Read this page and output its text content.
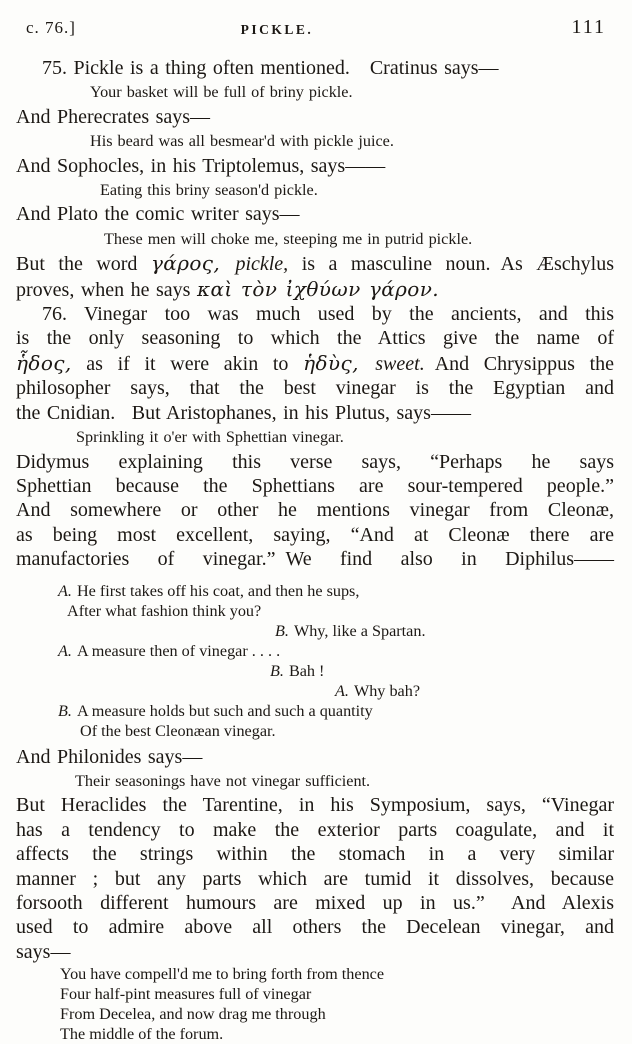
c. 76.]	PICKLE.	111
75. Pickle is a thing often mentioned.  Cratinus says—
Your basket will be full of briny pickle.
And Pherecrates says—
His beard was all besmear'd with pickle juice.
And Sophocles, in his Triptolemus, says——
Eating this briny season'd pickle.
And Plato the comic writer says—
These men will choke me, steeping me in putrid pickle.
But the word γάρος, pickle, is a masculine noun. As Æschylus
proves, when he says καὶ τὸν ἰχθύων γάρον.
76. Vinegar too was much used by the ancients, and this
is the only seasoning to which the Attics give the name of
ἧδος, as if it were akin to ἡδὺς, sweet. And Chrysippus the
philosopher says, that the best vinegar is the Egyptian and
the Cnidian.  But Aristophanes, in his Plutus, says——
Sprinkling it o'er with Sphettian vinegar.
Didymus explaining this verse says, “Perhaps he says
Sphettian because the Sphettians are sour-tempered people.”
And somewhere or other he mentions vinegar from Cleonæ,
as being most excellent, saying, “And at Cleonæ there are
manufactories of vinegar.” We find also in Diphilus——
A. He first takes off his coat, and then he sups,
After what fashion think you?
B. Why, like a Spartan.
A. A measure then of vinegar . . . .
B. Bah !
A. Why bah?
B. A measure holds but such and such a quantity
Of the best Cleonæan vinegar.
And Philonides says—
Their seasonings have not vinegar sufficient.
But Heraclides the Tarentine, in his Symposium, says, “Vinegar
has a tendency to make the exterior parts coagulate, and it
affects the strings within the stomach in a very similar
manner ; but any parts which are tumid it dissolves, because
forsooth different humours are mixed up in us.”  And Alexis
used to admire above all others the Decelean vinegar, and
says—
You have compell'd me to bring forth from thence
Four half-pint measures full of vinegar
From Decelea, and now drag me through
The middle of the forum.
